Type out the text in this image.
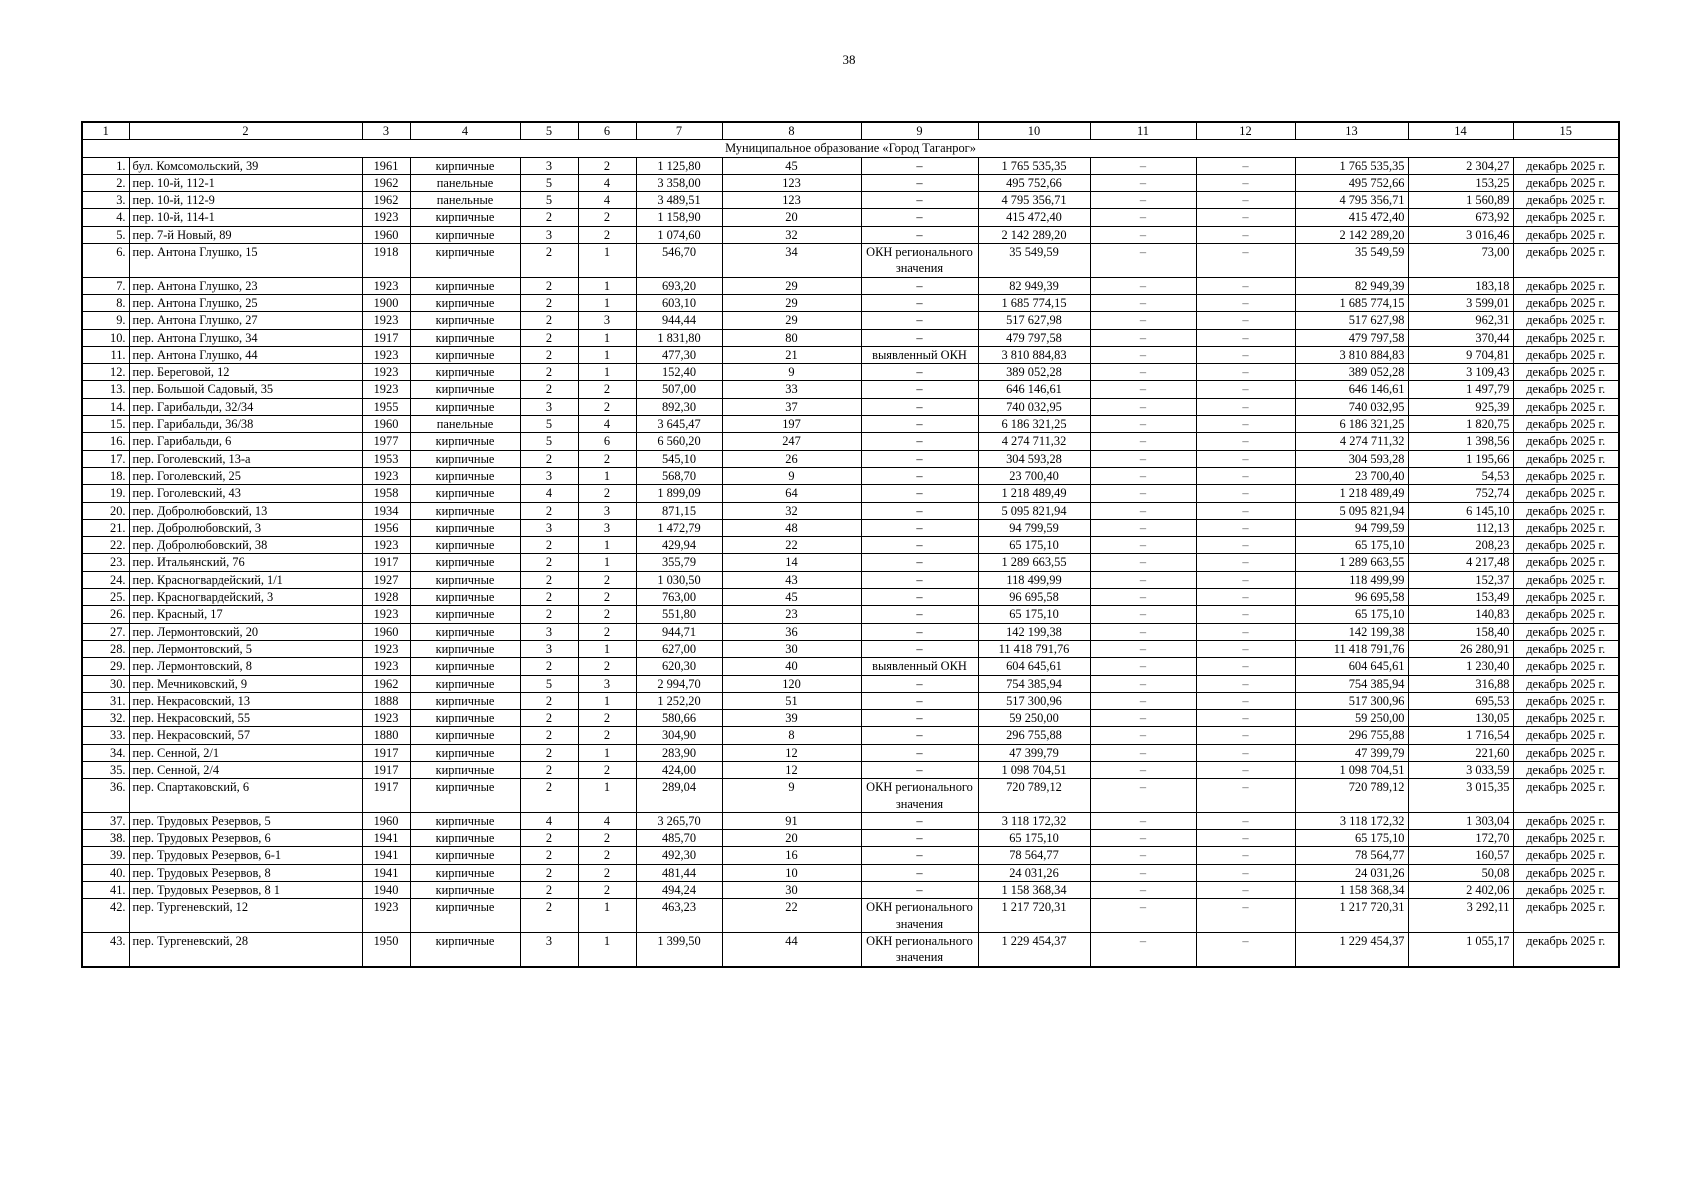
38
1	2	3	4	5	6	7	8	9	10	11	12	13	14	15
Муниципальное образование «Город Таганрог»														
1.	бул. Комсомольский, 39	1961	кирпичные	3	2	1 125,80	45	–	1 765 535,35	–	–	1 765 535,35	2 304,27	декабрь 2025 г.
2.	пер. 10-й, 112-1	1962	панельные	5	4	3 358,00	123	–	495 752,66	–	–	495 752,66	153,25	декабрь 2025 г.
3.	пер. 10-й, 112-9	1962	панельные	5	4	3 489,51	123	–	4 795 356,71	–	–	4 795 356,71	1 560,89	декабрь 2025 г.
4.	пер. 10-й, 114-1	1923	кирпичные	2	2	1 158,90	20	–	415 472,40	–	–	415 472,40	673,92	декабрь 2025 г.
5.	пер. 7-й Новый, 89	1960	кирпичные	3	2	1 074,60	32	–	2 142 289,20	–	–	2 142 289,20	3 016,46	декабрь 2025 г.
6.	пер. Антона Глушко, 15	1918	кирпичные	2	1	546,70	34	ОКН регионального значения	35 549,59	–	–	35 549,59	73,00	декабрь 2025 г.
7.	пер. Антона Глушко, 23	1923	кирпичные	2	1	693,20	29	–	82 949,39	–	–	82 949,39	183,18	декабрь 2025 г.
8.	пер. Антона Глушко, 25	1900	кирпичные	2	1	603,10	29	–	1 685 774,15	–	–	1 685 774,15	3 599,01	декабрь 2025 г.
9.	пер. Антона Глушко, 27	1923	кирпичные	2	3	944,44	29	–	517 627,98	–	–	517 627,98	962,31	декабрь 2025 г.
10.	пер. Антона Глушко, 34	1917	кирпичные	2	1	1 831,80	80	–	479 797,58	–	–	479 797,58	370,44	декабрь 2025 г.
11.	пер. Антона Глушко, 44	1923	кирпичные	2	1	477,30	21	выявленный ОКН	3 810 884,83	–	–	3 810 884,83	9 704,81	декабрь 2025 г.
12.	пер. Береговой, 12	1923	кирпичные	2	1	152,40	9	–	389 052,28	–	–	389 052,28	3 109,43	декабрь 2025 г.
13.	пер. Большой Садовый, 35	1923	кирпичные	2	2	507,00	33	–	646 146,61	–	–	646 146,61	1 497,79	декабрь 2025 г.
14.	пер. Гарибальди, 32/34	1955	кирпичные	3	2	892,30	37	–	740 032,95	–	–	740 032,95	925,39	декабрь 2025 г.
15.	пер. Гарибальди, 36/38	1960	панельные	5	4	3 645,47	197	–	6 186 321,25	–	–	6 186 321,25	1 820,75	декабрь 2025 г.
16.	пер. Гарибальди, 6	1977	кирпичные	5	6	6 560,20	247	–	4 274 711,32	–	–	4 274 711,32	1 398,56	декабрь 2025 г.
17.	пер. Гоголевский, 13-а	1953	кирпичные	2	2	545,10	26	–	304 593,28	–	–	304 593,28	1 195,66	декабрь 2025 г.
18.	пер. Гоголевский, 25	1923	кирпичные	3	1	568,70	9	–	23 700,40	–	–	23 700,40	54,53	декабрь 2025 г.
19.	пер. Гоголевский, 43	1958	кирпичные	4	2	1 899,09	64	–	1 218 489,49	–	–	1 218 489,49	752,74	декабрь 2025 г.
20.	пер. Добролюбовский, 13	1934	кирпичные	2	3	871,15	32	–	5 095 821,94	–	–	5 095 821,94	6 145,10	декабрь 2025 г.
21.	пер. Добролюбовский, 3	1956	кирпичные	3	3	1 472,79	48	–	94 799,59	–	–	94 799,59	112,13	декабрь 2025 г.
22.	пер. Добролюбовский, 38	1923	кирпичные	2	1	429,94	22	–	65 175,10	–	–	65 175,10	208,23	декабрь 2025 г.
23.	пер. Итальянский, 76	1917	кирпичные	2	1	355,79	14	–	1 289 663,55	–	–	1 289 663,55	4 217,48	декабрь 2025 г.
24.	пер. Красногвардейский, 1/1	1927	кирпичные	2	2	1 030,50	43	–	118 499,99	–	–	118 499,99	152,37	декабрь 2025 г.
25.	пер. Красногвардейский, 3	1928	кирпичные	2	2	763,00	45	–	96 695,58	–	–	96 695,58	153,49	декабрь 2025 г.
26.	пер. Красный, 17	1923	кирпичные	2	2	551,80	23	–	65 175,10	–	–	65 175,10	140,83	декабрь 2025 г.
27.	пер. Лермонтовский, 20	1960	кирпичные	3	2	944,71	36	–	142 199,38	–	–	142 199,38	158,40	декабрь 2025 г.
28.	пер. Лермонтовский, 5	1923	кирпичные	3	1	627,00	30	–	11 418 791,76	–	–	11 418 791,76	26 280,91	декабрь 2025 г.
29.	пер. Лермонтовский, 8	1923	кирпичные	2	2	620,30	40	выявленный ОКН	604 645,61	–	–	604 645,61	1 230,40	декабрь 2025 г.
30.	пер. Мечниковский, 9	1962	кирпичные	5	3	2 994,70	120	–	754 385,94	–	–	754 385,94	316,88	декабрь 2025 г.
31.	пер. Некрасовский, 13	1888	кирпичные	2	1	1 252,20	51	–	517 300,96	–	–	517 300,96	695,53	декабрь 2025 г.
32.	пер. Некрасовский, 55	1923	кирпичные	2	2	580,66	39	–	59 250,00	–	–	59 250,00	130,05	декабрь 2025 г.
33.	пер. Некрасовский, 57	1880	кирпичные	2	2	304,90	8	–	296 755,88	–	–	296 755,88	1 716,54	декабрь 2025 г.
34.	пер. Сенной, 2/1	1917	кирпичные	2	1	283,90	12	–	47 399,79	–	–	47 399,79	221,60	декабрь 2025 г.
35.	пер. Сенной, 2/4	1917	кирпичные	2	2	424,00	12	–	1 098 704,51	–	–	1 098 704,51	3 033,59	декабрь 2025 г.
36.	пер. Спартаковский, 6	1917	кирпичные	2	1	289,04	9	ОКН регионального значения	720 789,12	–	–	720 789,12	3 015,35	декабрь 2025 г.
37.	пер. Трудовых Резервов, 5	1960	кирпичные	4	4	3 265,70	91	–	3 118 172,32	–	–	3 118 172,32	1 303,04	декабрь 2025 г.
38.	пер. Трудовых Резервов, 6	1941	кирпичные	2	2	485,70	20	–	65 175,10	–	–	65 175,10	172,70	декабрь 2025 г.
39.	пер. Трудовых Резервов, 6-1	1941	кирпичные	2	2	492,30	16	–	78 564,77	–	–	78 564,77	160,57	декабрь 2025 г.
40.	пер. Трудовых Резервов, 8	1941	кирпичные	2	2	481,44	10	–	24 031,26	–	–	24 031,26	50,08	декабрь 2025 г.
41.	пер. Трудовых Резервов, 8 1	1940	кирпичные	2	2	494,24	30	–	1 158 368,34	–	–	1 158 368,34	2 402,06	декабрь 2025 г.
42.	пер. Тургеневский, 12	1923	кирпичные	2	1	463,23	22	ОКН регионального значения	1 217 720,31	–	–	1 217 720,31	3 292,11	декабрь 2025 г.
43.	пер. Тургеневский, 28	1950	кирпичные	3	1	1 399,50	44	ОКН регионального значения	1 229 454,37	–	–	1 229 454,37	1 055,17	декабрь 2025 г.
